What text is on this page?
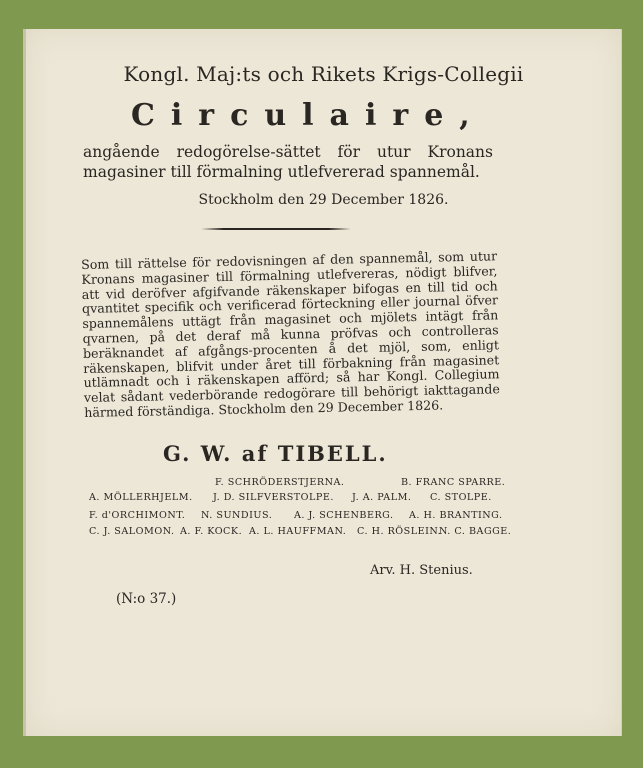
Kongl. Maj:ts och Rikets Krigs-Collegii
Circulaire,
angående redogörelse-sättet för utur Kronans magasiner till förmalning utlefvererad spannemål.
Stockholm den 29 December 1826.
Som till rättelse för redovisningen af den spannemål, som utur Kronans magasiner till förmalning utlefvereras, nödigt blifver, att vid deröfver afgifvande räkenskaper bifogas en till tid och qvantitet specifik och verificerad förteckning eller journal öfver spannemålens uttägt från magasinet och mjölets intägt från qvarnen, på det deraf må kunna pröfvas och controlleras beräknandet af afgångs-procenten å det mjöl, som, enligt räkenskapen, blifvit under året till förbakning från magasinet utlämnadt och i räkenskapen afförd; så har Kongl. Collegium velat sådant vederbörande redogörare till behörigt iakttagande härmed förständiga. Stockholm den 29 December 1826.
G. W. af TIBELL.
F. SCHRÖDERSTJERNA.	B. FRANC SPARRE.
A. MÖLLERHJELM. J. D. SILFVERSTOLPE. J. A. PALM. C. STOLPE.
F. d'ORCHIMONT. N. SUNDIUS. A. J. SCHENBERG. A. H. BRANTING.
C. J. SALOMON. A. F. KOCK. A. L. HAUFFMAN. C. H. RÖSLEIN.
N. C. BAGGE.
Arv. H. Stenius.
(N:o 37.)
